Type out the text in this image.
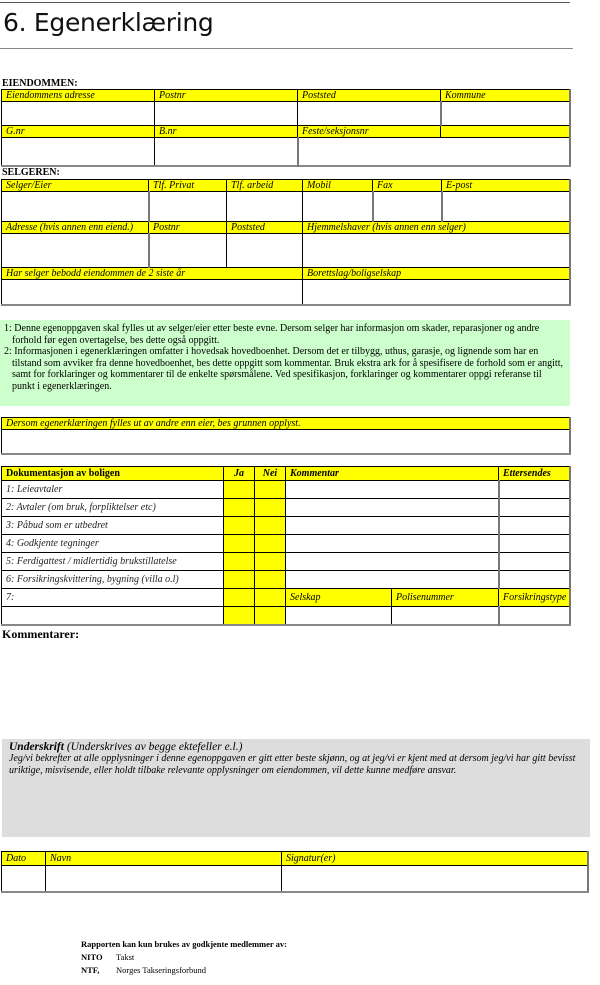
6. Egenerklæring
EIENDOMMEN:
Eiendommens adresse	Postnr	Poststed	Kommune

G.nr	B.nr	Feste/seksjonsnr	

SELGEREN:
Selger/Eier	Tlf. Privat	Tlf. arbeid	Mobil	Fax	E-post

Adresse (hvis annen enn eiend.)	Postnr	Poststed	Hjemmelshaver (hvis annen enn selger)		

Har selger bebodd eiendommen de 2 siste år			Borettslag/boligselskap		

1: Denne egenoppgaven skal fylles ut av selger/eier etter beste evne. Dersom selger har informasjon om skader, reparasjoner og andre forhold før egen overtagelse, bes dette også oppgitt.
2: Informasjonen i egenerklæringen omfatter i hovedsak hovedboenhet. Dersom det er tilbygg, uthus, garasje, og lignende som har en tilstand som avviker fra denne hovedboenhet, bes dette oppgitt som kommentar. Bruk ekstra ark for å spesifisere de forhold som er angitt, samt for forklaringer og kommentarer til de enkelte spørsmålene. Ved spesifikasjon, forklaringer og kommentarer oppgi referanse til punkt i egenerklæringen.
Dersom egenerklæringen fylles ut av andre enn eier, bes grunnen opplyst.

Dokumentasjon av boligen	Ja	Nei	Kommentar		Ettersendes
1: Leieavtaler					
2: Avtaler (om bruk, forpliktelser etc)					
3: Påbud som er utbedret					
4: Godkjente tegninger					
5: Ferdigattest / midlertidig brukstillatelse					
6: Forsikringskvittering, bygning (villa o.l)					
7:			Selskap	Polisenummer	Forsikringstype

Kommentarer:
Underskrift (Underskrives av begge ektefeller e.l.)
Jeg/vi bekrefter at alle opplysninger i denne egenoppgaven er gitt etter beste skjønn, og at jeg/vi er kjent med at dersom jeg/vi har gitt bevisst uriktige, misvisende, eller holdt tilbake relevante opplysninger om eiendommen, vil dette kunne medføre ansvar.
Dato	Navn	Signatur(er)

Rapporten kan kun brukes av godkjente medlemmer av:
NITO	Takst
NTF,	Norges Takseringsforbund
